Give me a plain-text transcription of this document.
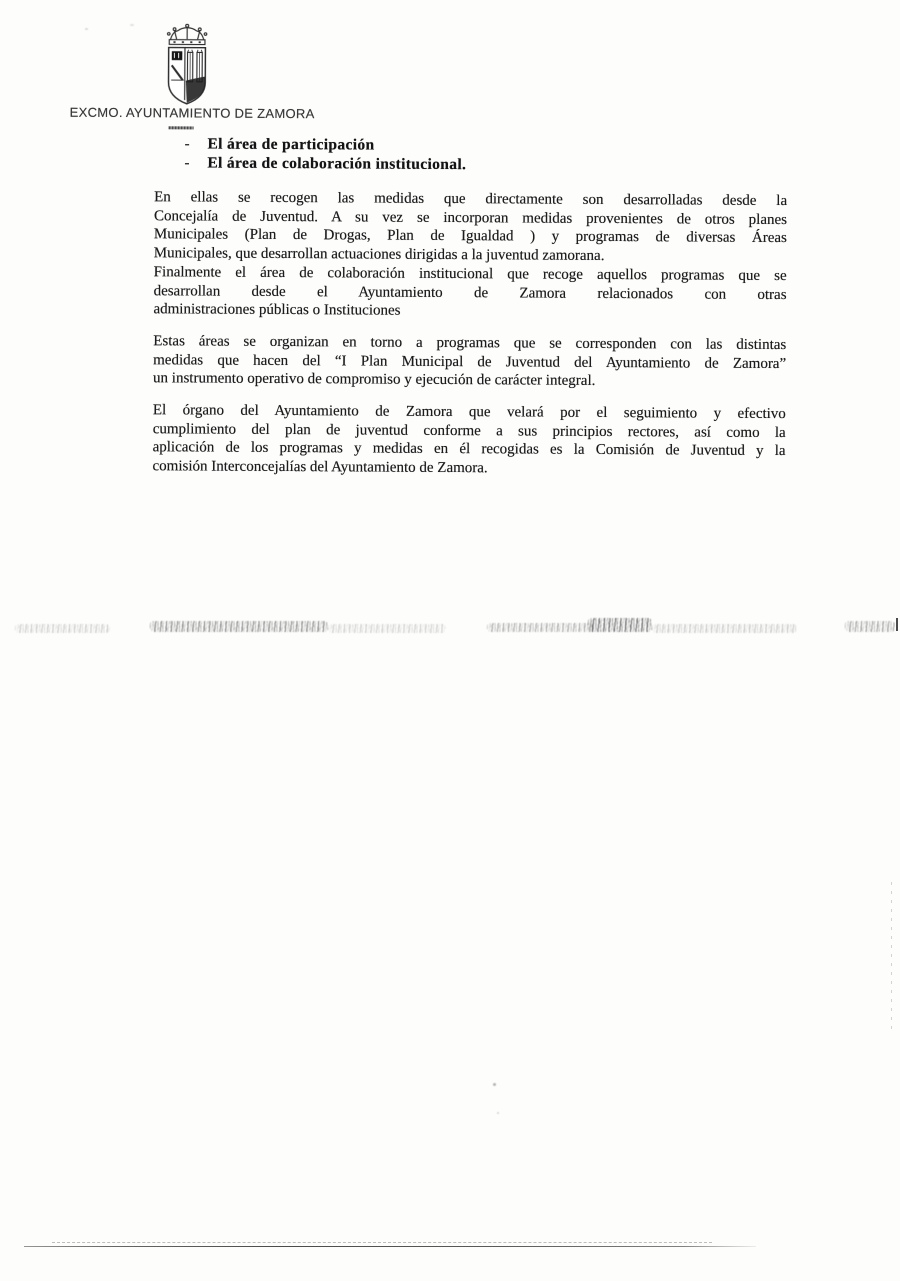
EXCMO. AYUNTAMIENTO DE ZAMORA
-	El área de participación
-	El área de colaboración institucional.
En ellas se recogen las medidas que directamente son desarrolladas desde la
Concejalía de Juventud. A su vez se incorporan medidas provenientes de otros planes
Municipales (Plan de Drogas, Plan de Igualdad ) y programas de diversas Áreas
Municipales, que desarrollan actuaciones dirigidas a la juventud zamorana.
Finalmente el área de colaboración institucional que recoge aquellos programas que se
desarrollan desde el Ayuntamiento de Zamora relacionados con otras
administraciones públicas o Instituciones
Estas áreas se organizan en torno a programas que se corresponden con las distintas
medidas que hacen del “I Plan Municipal de Juventud del Ayuntamiento de Zamora”
un instrumento operativo de compromiso y ejecución de carácter integral.
El órgano del Ayuntamiento de Zamora que velará por el seguimiento y efectivo
cumplimiento del plan de juventud conforme a sus principios rectores, así como la
aplicación de los programas y medidas en él recogidas es la Comisión de Juventud y la
comisión Interconcejalías del Ayuntamiento de Zamora.
